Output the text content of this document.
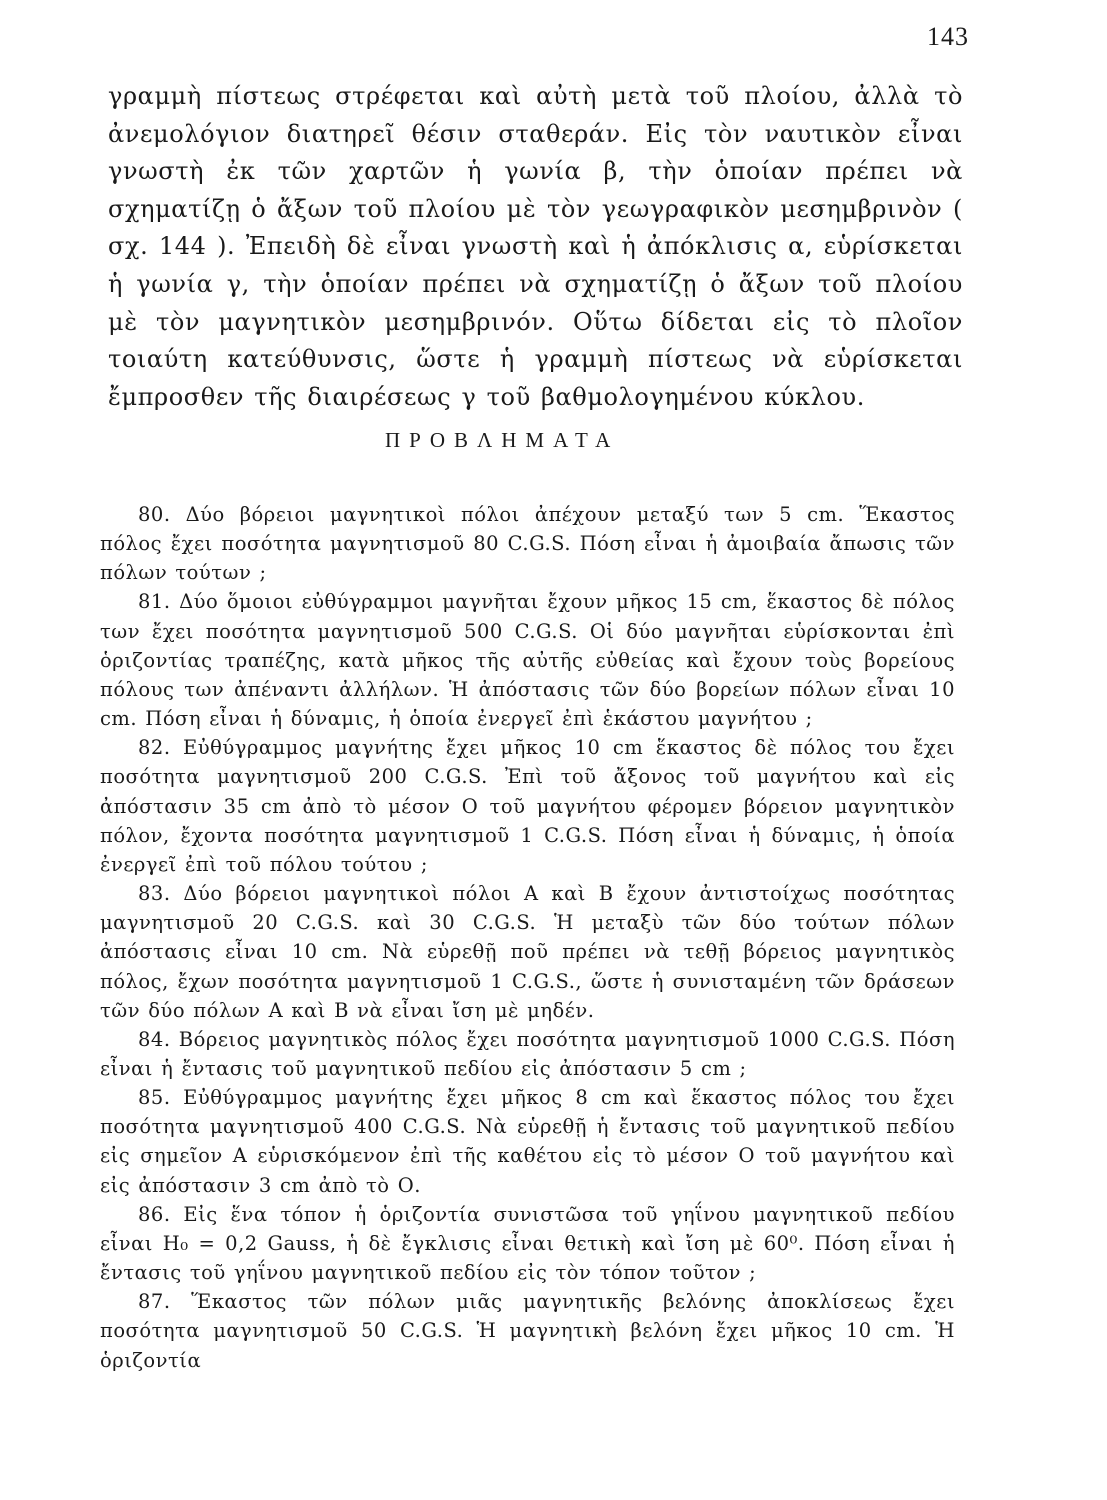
143

γραμμὴ πίστεως στρέφεται καὶ αὐτὴ μετὰ τοῦ πλοίου, ἀλλὰ τὸ ἀνεμολόγιον διατηρεῖ θέσιν σταθεράν. Εἰς τὸν ναυτικὸν εἶναι γνωστὴ ἐκ τῶν χαρτῶν ἡ γωνία β, τὴν ὁποίαν πρέπει νὰ σχηματίζῃ ὁ ἄξων τοῦ πλοίου μὲ τὸν γεωγραφικὸν μεσημβρινὸν ( σχ. 144 ). Ἐπειδὴ δὲ εἶναι γνωστὴ καὶ ἡ ἀπόκλισις α, εὑρίσκεται ἡ γωνία γ, τὴν ὁποίαν πρέπει νὰ σχηματίζῃ ὁ ἄξων τοῦ πλοίου μὲ τὸν μαγνητικὸν μεσημβρινόν. Οὕτω δίδεται εἰς τὸ πλοῖον τοιαύτη κατεύθυνσις, ὥστε ἡ γραμμὴ πίστεως νὰ εὑρίσκεται ἔμπροσθεν τῆς διαιρέσεως γ τοῦ βαθμολογημένου κύκλου.

ΠΡΟΒΛΗΜΑΤΑ

80. Δύο βόρειοι μαγνητικοὶ πόλοι ἀπέχουν μεταξύ των 5 cm. Ἕκαστος πόλος ἔχει ποσότητα μαγνητισμοῦ 80 C.G.S. Πόση εἶναι ἡ ἀμοιβαία ἄπωσις τῶν πόλων τούτων ;

81. Δύο ὅμοιοι εὐθύγραμμοι μαγνῆται ἔχουν μῆκος 15 cm, ἕκαστος δὲ πόλος των ἔχει ποσότητα μαγνητισμοῦ 500 C.G.S. Οἱ δύο μαγνῆται εὑρίσκονται ἐπὶ ὁριζοντίας τραπέζης, κατὰ μῆκος τῆς αὐτῆς εὐθείας καὶ ἔχουν τοὺς βορείους πόλους των ἀπέναντι ἀλλήλων. Ἡ ἀπόστασις τῶν δύο βορείων πόλων εἶναι 10 cm. Πόση εἶναι ἡ δύναμις, ἡ ὁποία ἐνεργεῖ ἐπὶ ἑκάστου μαγνήτου ;

82. Εὐθύγραμμος μαγνήτης ἔχει μῆκος 10 cm ἕκαστος δὲ πόλος του ἔχει ποσότητα μαγνητισμοῦ 200 C.G.S. Ἐπὶ τοῦ ἄξονος τοῦ μαγνήτου καὶ εἰς ἀπόστασιν 35 cm ἀπὸ τὸ μέσον Ο τοῦ μαγνήτου φέρομεν βόρειον μαγνητικὸν πόλον, ἔχοντα ποσότητα μαγνητισμοῦ 1 C.G.S. Πόση εἶναι ἡ δύναμις, ἡ ὁποία ἐνεργεῖ ἐπὶ τοῦ πόλου τούτου ;

83. Δύο βόρειοι μαγνητικοὶ πόλοι Α καὶ Β ἔχουν ἀντιστοίχως ποσότητας μαγνητισμοῦ 20 C.G.S. καὶ 30 C.G.S. Ἡ μεταξὺ τῶν δύο τούτων πόλων ἀπόστασις εἶναι 10 cm. Νὰ εὑρεθῇ ποῦ πρέπει νὰ τεθῇ βόρειος μαγνητικὸς πόλος, ἔχων ποσότητα μαγνητισμοῦ 1 C.G.S., ὥστε ἡ συνισταμένη τῶν δράσεων τῶν δύο πόλων Α καὶ Β νὰ εἶναι ἴση μὲ μηδέν.

84. Βόρειος μαγνητικὸς πόλος ἔχει ποσότητα μαγνητισμοῦ 1000 C.G.S. Πόση εἶναι ἡ ἔντασις τοῦ μαγνητικοῦ πεδίου εἰς ἀπόστασιν 5 cm ;

85. Εὐθύγραμμος μαγνήτης ἔχει μῆκος 8 cm καὶ ἕκαστος πόλος του ἔχει ποσότητα μαγνητισμοῦ 400 C.G.S. Νὰ εὑρεθῇ ἡ ἔντασις τοῦ μαγνητικοῦ πεδίου εἰς σημεῖον Α εὑρισκόμενον ἐπὶ τῆς καθέτου εἰς τὸ μέσον Ο τοῦ μαγνήτου καὶ εἰς ἀπόστασιν 3 cm ἀπὸ τὸ Ο.

86. Εἰς ἕνα τόπον ἡ ὁριζοντία συνιστῶσα τοῦ γηΐνου μαγνητικοῦ πεδίου εἶναι H₀ = 0,2 Gauss, ἡ δὲ ἔγκλισις εἶναι θετικὴ καὶ ἴση μὲ 60⁰. Πόση εἶναι ἡ ἔντασις τοῦ γηΐνου μαγνητικοῦ πεδίου εἰς τὸν τόπον τοῦτον ;

87. Ἕκαστος τῶν πόλων μιᾶς μαγνητικῆς βελόνης ἀποκλίσεως ἔχει ποσότητα μαγνητισμοῦ 50 C.G.S. Ἡ μαγνητικὴ βελόνη ἔχει μῆκος 10 cm. Ἡ ὁριζοντία
